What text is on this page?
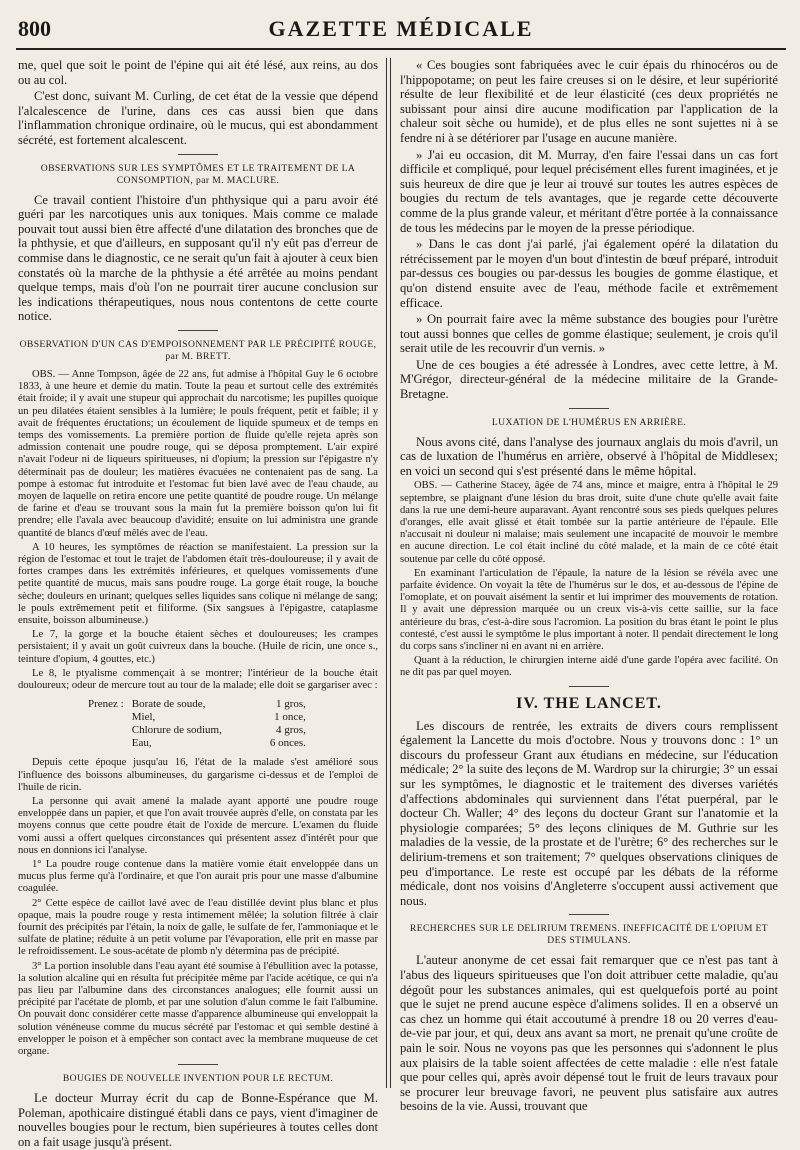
800	GAZETTE MÉDICALE

me, quel que soit le point de l'épine qui ait été lésé, aux reins, au dos ou au col.

C'est donc, suivant M. Curling, de cet état de la vessie que dépend l'alcalescence de l'urine, dans ces cas aussi bien que dans l'inflammation chronique ordinaire, où le mucus, qui est abondamment sécrété, est fortement alcalescent.

OBSERVATIONS SUR LES SYMPTÔMES ET LE TRAITEMENT DE LA CONSOMPTION, par M. MACLURE.

Ce travail contient l'histoire d'un phthysique qui a paru avoir été guéri par les narcotiques unis aux toniques. Mais comme ce malade pouvait tout aussi bien être affecté d'une dilatation des bronches que de la phthysie, et que d'ailleurs, en supposant qu'il n'y eût pas d'erreur de commise dans le diagnostic, ce ne serait qu'un fait à ajouter à ceux bien constatés où la marche de la phthysie a été arrêtée au moins pendant quelque temps, mais d'où l'on ne pourrait tirer aucune conclusion sur les indications thérapeutiques, nous nous contentons de cette courte notice.

OBSERVATION D'UN CAS D'EMPOISONNEMENT PAR LE PRÉCIPITÉ ROUGE, par M. BRETT.

OBS. — Anne Tompson, âgée de 22 ans, fut admise à l'hôpital Guy le 6 octobre 1833, à une heure et demie du matin. Toute la peau et surtout celle des extrémités était froide; il y avait une stupeur qui approchait du narcotisme; les pupilles quoique un peu dilatées étaient sensibles à la lumière; le pouls fréquent, petit et faible; il y avait de fréquentes éructations; un écoulement de liquide spumeux et de temps en temps des vomissements. La première portion de fluide qu'elle rejeta après son admission contenait une poudre rouge, qui se déposa promptement. L'air expiré n'avait l'odeur ni de liqueurs spiritueuses, ni d'opium; la pression sur l'épigastre n'y déterminait pas de douleur; les matières évacuées ne contenaient pas de sang. La pompe à estomac fut introduite et l'estomac fut bien lavé avec de l'eau chaude, au moyen de laquelle on retira encore une petite quantité de poudre rouge. Un mélange de farine et d'eau se trouvant sous la main fut la première boisson qu'on lui fit prendre; elle l'avala avec beaucoup d'avidité; ensuite on lui administra une grande quantité de blancs d'œuf mêlés avec de l'eau.

A 10 heures, les symptômes de réaction se manifestaient. La pression sur la région de l'estomac et tout le trajet de l'abdomen était très-douloureuse; il y avait de fortes crampes dans les extrémités inférieures, et quelques vomissements d'une petite quantité de mucus, mais sans poudre rouge. La gorge était rouge, la bouche sèche; douleurs en urinant; quelques selles liquides sans colique ni mélange de sang; le pouls extrêmement petit et filiforme. (Six sangsues à l'épigastre, cataplasme ensuite, boisson albumineuse.)

Le 7, la gorge et la bouche étaient sèches et douloureuses; les crampes persistaient; il y avait un goût cuivreux dans la bouche. (Huile de ricin, une once s., teinture d'opium, 4 gouttes, etc.)

Le 8, le ptyalisme commençait à se montrer; l'intérieur de la bouche était douloureux; odeur de mercure tout au tour de la malade; elle doit se gargariser avec :

Prenez :	Borate de soude,	1 gros,
	Miel,	1 once,
	Chlorure de sodium,	4 gros,
	Eau,	6 onces.

Depuis cette époque jusqu'au 16, l'état de la malade s'est amélioré sous l'influence des boissons albumineuses, du gargarisme ci-dessus et de l'emploi de l'huile de ricin.

La personne qui avait amené la malade ayant apporté une poudre rouge enveloppée dans un papier, et que l'on avait trouvée auprès d'elle, on constata par les moyens connus que cette poudre était de l'oxide de mercure. L'examen du fluide vomi aussi a offert quelques circonstances qui présentent assez d'intérêt pour que nous en donnions ici l'analyse.

1° La poudre rouge contenue dans la matière vomie était enveloppée dans un mucus plus ferme qu'à l'ordinaire, et que l'on aurait pris pour une masse d'albumine coagulée.

2° Cette espèce de caillot lavé avec de l'eau distillée devint plus blanc et plus opaque, mais la poudre rouge y resta intimement mêlée; la solution filtrée à clair fournit des précipités par l'étain, la noix de galle, le sulfate de fer, l'ammoniaque et le sulfate de platine; réduite à un petit volume par l'évaporation, elle prit en masse par le refroidissement. Le sous-acétate de plomb n'y détermina pas de précipité.

3° La portion insoluble dans l'eau ayant été soumise à l'ébullition avec la potasse, la solution alcaline qui en résulta fut précipitée même par l'acide acétique, ce qui n'a pas lieu par l'albumine dans des circonstances analogues; elle fournit aussi un précipité par l'acétate de plomb, et par une solution d'alun comme le fait l'albumine. On pouvait donc considérer cette masse d'apparence albumineuse qui enveloppait la solution vénéneuse comme du mucus sécrété par l'estomac et qui semble destiné à envelopper le poison et à empêcher son contact avec la membrane muqueuse de cet organe.

BOUGIES DE NOUVELLE INVENTION POUR LE RECTUM.

Le docteur Murray écrit du cap de Bonne-Espérance que M. Poleman, apothicaire distingué établi dans ce pays, vient d'imaginer de nouvelles bougies pour le rectum, bien supérieures à toutes celles dont on a fait usage jusqu'à présent.

« Ces bougies sont fabriquées avec le cuir épais du rhinocéros ou de l'hippopotame; on peut les faire creuses si on le désire, et leur supériorité résulte de leur flexibilité et de leur élasticité (ces deux propriétés ne subissant pour ainsi dire aucune modification par l'application de la chaleur soit sèche ou humide), et de plus elles ne sont sujettes ni à se fendre ni à se détériorer par l'usage en aucune manière.

» J'ai eu occasion, dit M. Murray, d'en faire l'essai dans un cas fort difficile et compliqué, pour lequel précisément elles furent imaginées, et je suis heureux de dire que je leur ai trouvé sur toutes les autres espèces de bougies du rectum de tels avantages, que je regarde cette découverte comme de la plus grande valeur, et méritant d'être portée à la connaissance de tous les médecins par le moyen de la presse périodique.

» Dans le cas dont j'ai parlé, j'ai également opéré la dilatation du rétrécissement par le moyen d'un bout d'intestin de bœuf préparé, introduit par-dessus ces bougies ou par-dessus les bougies de gomme élastique, et qu'on distend ensuite avec de l'eau, méthode facile et extrêmement efficace.

» On pourrait faire avec la même substance des bougies pour l'urètre tout aussi bonnes que celles de gomme élastique; seulement, je crois qu'il serait utile de les recouvrir d'un vernis. »

Une de ces bougies a été adressée à Londres, avec cette lettre, à M. M'Grégor, directeur-général de la médecine militaire de la Grande-Bretagne.

LUXATION DE L'HUMÉRUS EN ARRIÈRE.

Nous avons cité, dans l'analyse des journaux anglais du mois d'avril, un cas de luxation de l'humérus en arrière, observé à l'hôpital de Middlesex; en voici un second qui s'est présenté dans le même hôpital.

OBS. — Catherine Stacey, âgée de 74 ans, mince et maigre, entra à l'hôpital le 29 septembre, se plaignant d'une lésion du bras droit, suite d'une chute qu'elle avait faite dans la rue une demi-heure auparavant. Ayant rencontré sous ses pieds quelques pelures d'oranges, elle avait glissé et était tombée sur la partie antérieure de l'épaule. Elle n'accusait ni douleur ni malaise; mais seulement une incapacité de mouvoir le membre en aucune direction. Le col était incliné du côté malade, et la main de ce côté était soutenue par celle du côté opposé.

En examinant l'articulation de l'épaule, la nature de la lésion se révéla avec une parfaite évidence. On voyait la tête de l'humérus sur le dos, et au-dessous de l'épine de l'omoplate, et on pouvait aisément la sentir et lui imprimer des mouvements de rotation. Il y avait une dépression marquée ou un creux vis-à-vis cette saillie, sur la face antérieure du bras, c'est-à-dire sous l'acromion. La position du bras étant le point le plus contesté, c'est aussi le symptôme le plus important à noter. Il pendait directement le long du corps sans s'incliner ni en avant ni en arrière.

Quant à la réduction, le chirurgien interne aidé d'une garde l'opéra avec facilité. On ne dit pas par quel moyen.

IV. THE LANCET.

Les discours de rentrée, les extraits de divers cours remplissent également la Lancette du mois d'octobre. Nous y trouvons donc : 1° un discours du professeur Grant aux étudians en médecine, sur l'éducation médicale; 2° la suite des leçons de M. Wardrop sur la chirurgie; 3° un essai sur les symptômes, le diagnostic et le traitement des diverses variétés d'affections abdominales qui surviennent dans l'état puerpéral, par le docteur Ch. Waller; 4° des leçons du docteur Grant sur l'anatomie et la physiologie comparées; 5° des leçons cliniques de M. Guthrie sur les maladies de la vessie, de la prostate et de l'urètre; 6° des recherches sur le delirium-tremens et son traitement; 7° quelques observations cliniques de peu d'importance. Le reste est occupé par les débats de la réforme médicale, dont nos voisins d'Angleterre s'occupent aussi activement que nous.

RECHERCHES SUR LE DELIRIUM TREMENS. INEFFICACITÉ DE L'OPIUM ET DES STIMULANS.

L'auteur anonyme de cet essai fait remarquer que ce n'est pas tant à l'abus des liqueurs spiritueuses que l'on doit attribuer cette maladie, qu'au dégoût pour les substances animales, qui est quelquefois porté au point que le sujet ne prend aucune espèce d'alimens solides. Il en a observé un cas chez un homme qui était accoutumé à prendre 18 ou 20 verres d'eau-de-vie par jour, et qui, deux ans avant sa mort, ne prenait qu'une croûte de pain le soir. Nous ne voyons pas que les personnes qui s'adonnent le plus aux plaisirs de la table soient affectées de cette maladie : elle n'est fatale que pour celles qui, après avoir dépensé tout le fruit de leurs travaux pour se procurer leur breuvage favori, ne peuvent plus satisfaire aux autres besoins de la vie. Aussi, trouvant que
